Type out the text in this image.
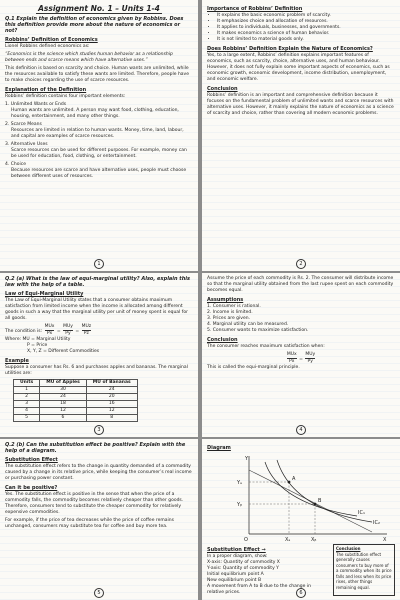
Assignment No. 1 – Units 1-4

Q.1 Explain the definition of economics given by Robbins. Does this definition provide more about the nature of economics or not?

Robbins’ Definition of Economics

Lionel Robbins defined economics as:

“Economics is the science which studies human behavior as a relationship between ends and scarce means which have alternative uses.”

This definition is based on scarcity and choice. Human wants are unlimited, while the resources available to satisfy these wants are limited. Therefore, people have to make choices regarding the use of scarce resources.

Explanation of the Definition

Robbins’ definition contains four important elements:

1. Unlimited Wants or Ends

Human wants are unlimited. A person may want food, clothing, education, housing, entertainment, and many other things.

2. Scarce Means

Resources are limited in relation to human wants. Money, time, land, labour, and capital are examples of scarce resources.

3. Alternative Uses

Scarce resources can be used for different purposes. For example, money can be used for education, food, clothing, or entertainment.

4. Choice

Because resources are scarce and have alternative uses, people must choose between different uses of resources.

1
Importance of Robbins’ Definition
• It explains the basic economic problem of scarcity.
• It emphasizes choice and allocation of resources.
• It applies to individuals, businesses, and governments.
• It makes economics a science of human behavior.
• It is not limited to material goods only.
Does Robbins’ Definition Explain the Nature of Economics?

Yes, to a large extent, Robbins’ definition explains important features of economics, such as scarcity, choice, alternative uses, and human behaviour. However, it does not fully explain some important aspects of economics, such as economic growth, economic development, income distribution, unemployment, and economic welfare.

Conclusion

Robbins’ definition is an important and comprehensive definition because it focuses on the fundamental problem of unlimited wants and scarce resources with alternative uses. However, it mainly explains the nature of economics as a science of scarcity and choice, rather than covering all modern economic problems.

2

Q.2 (a) What is the law of equi-marginal utility? Also, explain this law with the help of a table.

Law of Equi-Marginal Utility

The Law of Equi-Marginal Utility states that a consumer obtains maximum satisfaction from limited income when the income is allocated among different goods in such a way that the marginal utility per unit of money spent is equal for all goods.

The condition is: $\frac{\text{MUx}}{Px} = \frac{\text{MUy}}{Py} = \frac{\text{MUz}}{Pz}$
Where: MU = Marginal Utility
P = Price
X, Y, Z = Different Commodities
Example

Suppose a consumer has Rs. 6 and purchases apples and bananas. The marginal utilities are:

Units	MU of Apples	MU of Bananas
1	30	24
2	24	20
3	18	16
4	12	12
5	6	8
3

Assume the price of each commodity is Rs. 2. The consumer will distribute income so that the marginal utility obtained from the last rupee spent on each commodity becomes equal.

Assumptions
1. Consumer is rational.
2. Income is limited.
3. Prices are given.
4. Marginal utility can be measured.
5. Consumer wants to maximize satisfaction.
Conclusion

The consumer reaches maximum satisfaction when:

$\frac{\text{MUx}}{Px} = \frac{\text{MUy}}{Py}$

This is called the equi-marginal principle.

4

Q.2 (b) Can the substitution effect be positive? Explain with the help of a diagram.

Substitution Effect

The substitution effect refers to the change in quantity demanded of a commodity caused by a change in its relative price, while keeping the consumer’s real income or purchasing power constant.

Can it be positive?

Yes. The substitution effect is positive in the sense that when the price of a commodity falls, the commodity becomes relatively cheaper than other goods. Therefore, consumers tend to substitute the cheaper commodity for relatively expensive commodities.

For example, if the price of tea decreases while the price of coffee remains unchanged, consumers may substitute tea for coffee and buy more tea.

5
Diagram
Yₐ
Yᵦ
Y
X
O	Xₐ	Xᵦ
A
B
IC₁
IC₂
Substitution Effect →
In a proper diagram, show:
X-axis: Quantity of commodity X
Y-axis: Quantity of commodity Y
Initial equilibrium point A
New equilibrium point B
A movement from A to B due to the change in relative prices.
Conclusion
The substitution effect generally causes consumers to buy more of a commodity when its price falls and less when its price rises, other things remaining equal.
6
